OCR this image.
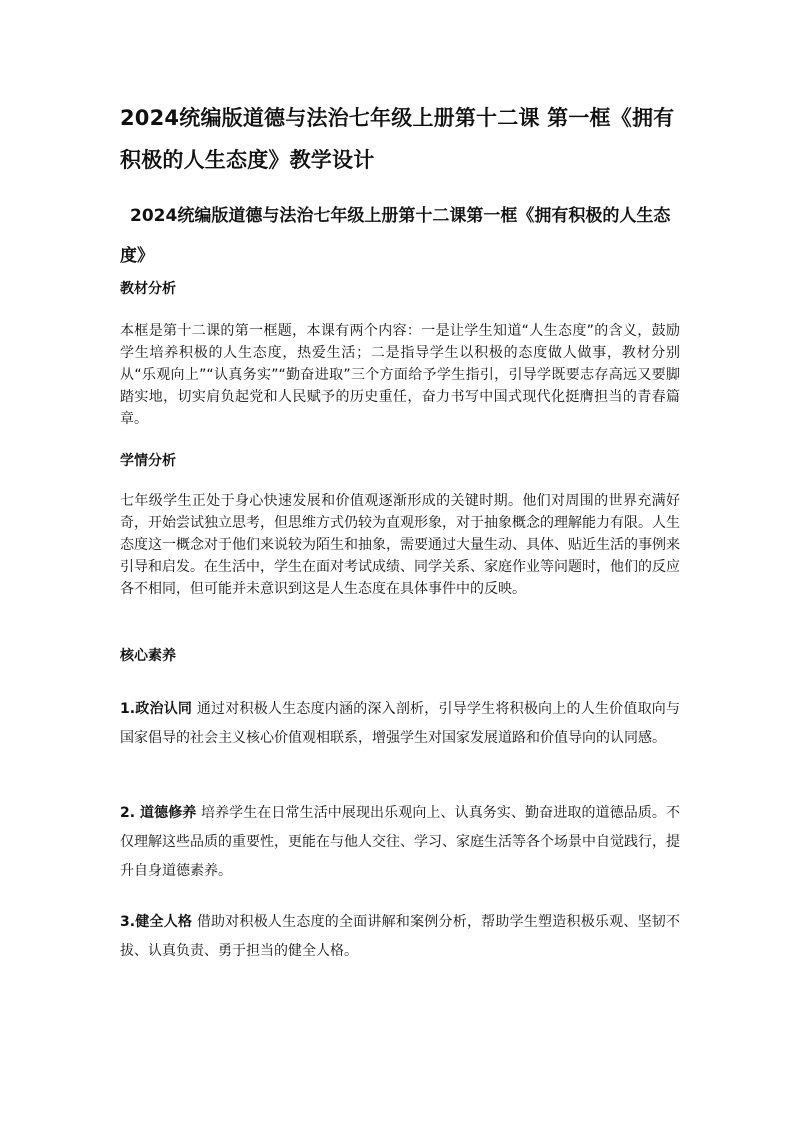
2024统编版道德与法治七年级上册第十二课 第一框《拥有积极的人生态度》教学设计
2024统编版道德与法治七年级上册第十二课第一框《拥有积极的人生态度》
教材分析

本框是第十二课的第一框题，本课有两个内容：一是让学生知道“人生态度”的含义，鼓励学生培养积极的人生态度，热爱生活；二是指导学生以积极的态度做人做事，教材分别从“乐观向上”“认真务实”“勤奋进取”三个方面给予学生指引，引导学既要志存高远又要脚踏实地，切实肩负起党和人民赋予的历史重任，奋力书写中国式现代化挺膺担当的青春篇章。

学情分析

七年级学生正处于身心快速发展和价值观逐渐形成的关键时期。他们对周围的世界充满好奇，开始尝试独立思考，但思维方式仍较为直观形象，对于抽象概念的理解能力有限。人生态度这一概念对于他们来说较为陌生和抽象，需要通过大量生动、具体、贴近生活的事例来引导和启发。在生活中，学生在面对考试成绩、同学关系、家庭作业等问题时，他们的反应各不相同，但可能并未意识到这是人生态度在具体事件中的反映。

核心素养

1.政治认同 通过对积极人生态度内涵的深入剖析，引导学生将积极向上的人生价值取向与国家倡导的社会主义核心价值观相联系，增强学生对国家发展道路和价值导向的认同感。

2. 道德修养 培养学生在日常生活中展现出乐观向上、认真务实、勤奋进取的道德品质。不仅理解这些品质的重要性，更能在与他人交往、学习、家庭生活等各个场景中自觉践行，提升自身道德素养。

3.健全人格 借助对积极人生态度的全面讲解和案例分析，帮助学生塑造积极乐观、坚韧不拔、认真负责、勇于担当的健全人格。
